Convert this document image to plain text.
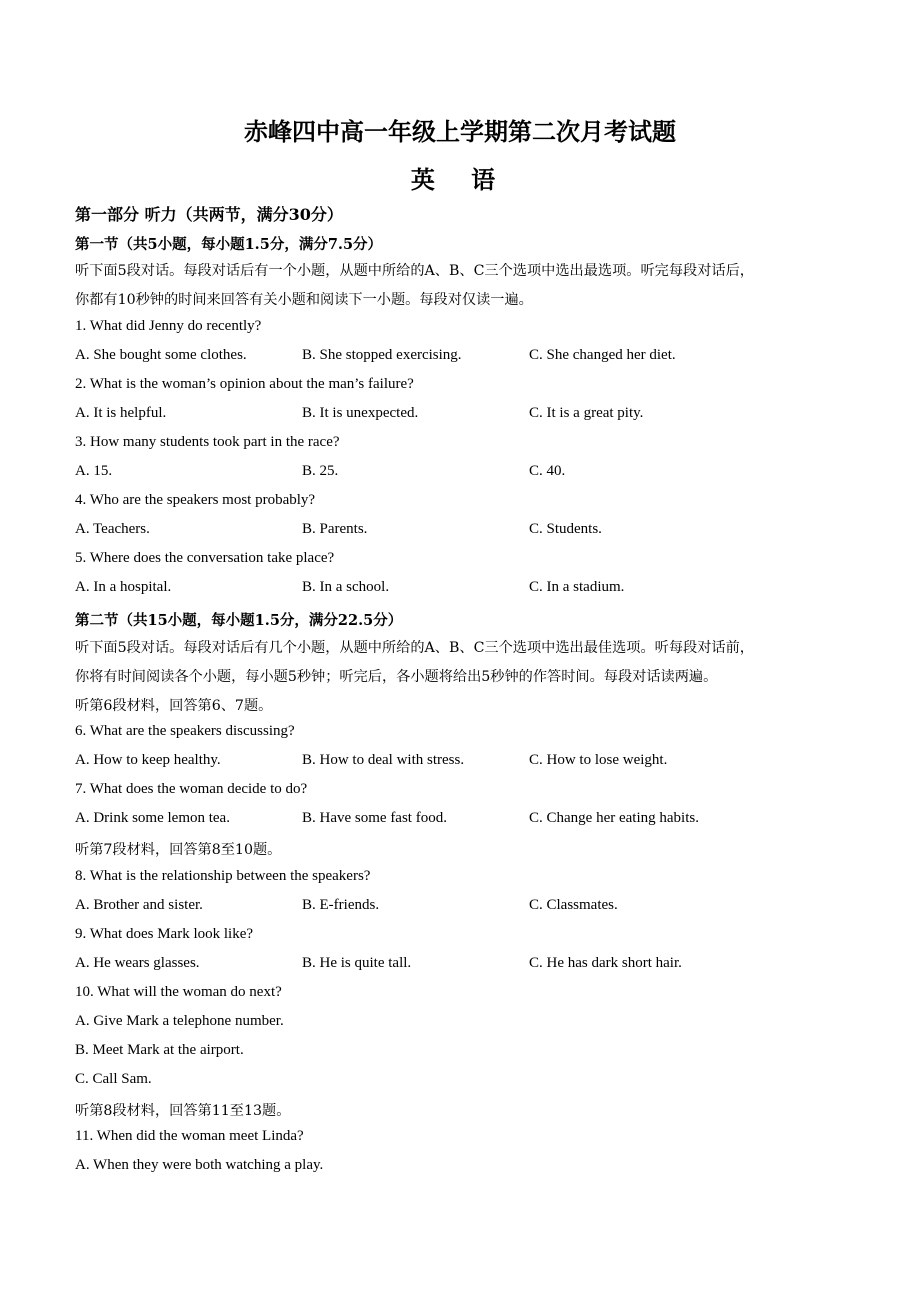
赤峰四中高一年级上学期第二次月考试题
英 语
第一部分 听力（共两节，满分30分）
第一节（共5小题，每小题1.5分，满分7.5分）
听下面5段对话。每段对话后有一个小题，从题中所给的A、B、C三个选项中选出最选项。听完每段对话后，
你都有10秒钟的时间来回答有关小题和阅读下一小题。每段对仅读一遍。
1. What did Jenny do recently?
A. She bought some clothes.	B. She stopped exercising.	C. She changed her diet.
2. What is the woman’s opinion about the man’s failure?
A. It is helpful.	B. It is unexpected.	C. It is a great pity.
3. How many students took part in the race?
A. 15.	B. 25.	C. 40.
4. Who are the speakers most probably?
A. Teachers.	B. Parents.	C. Students.
5. Where does the conversation take place?
A. In a hospital.	B. In a school.	C. In a stadium.
第二节（共15小题，每小题1.5分，满分22.5分）
听下面5段对话。每段对话后有几个小题，从题中所给的A、B、C三个选项中选出最佳选项。听每段对话前，
你将有时间阅读各个小题，每小题5秒钟；听完后，各小题将给出5秒钟的作答时间。每段对话读两遍。
听第6段材料，回答第6、7题。
6. What are the speakers discussing?
A. How to keep healthy.	B. How to deal with stress.	C. How to lose weight.
7. What does the woman decide to do?
A. Drink some lemon tea.	B. Have some fast food.	C. Change her eating habits.
听第7段材料，回答第8至10题。
8. What is the relationship between the speakers?
A. Brother and sister.	B. E-friends.	C. Classmates.
9. What does Mark look like?
A. He wears glasses.	B. He is quite tall.	C. He has dark short hair.
10. What will the woman do next?
A. Give Mark a telephone number.
B. Meet Mark at the airport.
C. Call Sam.
听第8段材料，回答第11至13题。
11. When did the woman meet Linda?
A. When they were both watching a play.
